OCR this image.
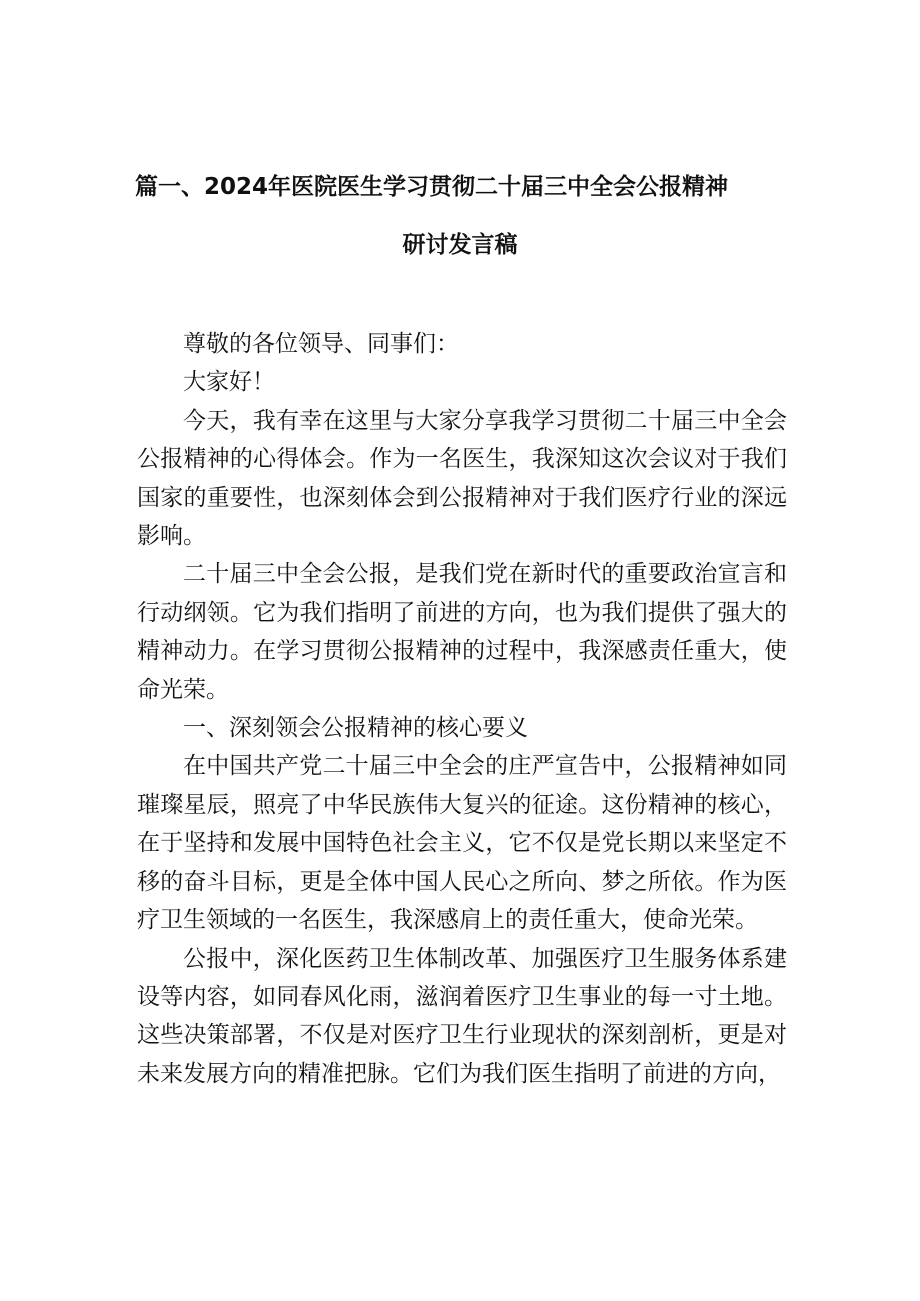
篇一、2024年医院医生学习贯彻二十届三中全会公报精神
研讨发言稿

尊敬的各位领导、同事们：

大家好！

今天，我有幸在这里与大家分享我学习贯彻二十届三中全会公报精神的心得体会。作为一名医生，我深知这次会议对于我们国家的重要性，也深刻体会到公报精神对于我们医疗行业的深远影响。

二十届三中全会公报，是我们党在新时代的重要政治宣言和行动纲领。它为我们指明了前进的方向，也为我们提供了强大的精神动力。在学习贯彻公报精神的过程中，我深感责任重大，使命光荣。

一、深刻领会公报精神的核心要义

在中国共产党二十届三中全会的庄严宣告中，公报精神如同璀璨星辰，照亮了中华民族伟大复兴的征途。这份精神的核心，在于坚持和发展中国特色社会主义，它不仅是党长期以来坚定不移的奋斗目标，更是全体中国人民心之所向、梦之所依。作为医疗卫生领域的一名医生，我深感肩上的责任重大，使命光荣。

公报中，深化医药卫生体制改革、加强医疗卫生服务体系建设等内容，如同春风化雨，滋润着医疗卫生事业的每一寸土地。这些决策部署，不仅是对医疗卫生行业现状的深刻剖析，更是对未来发展方向的精准把脉。它们为我们医生指明了前进的方向，
